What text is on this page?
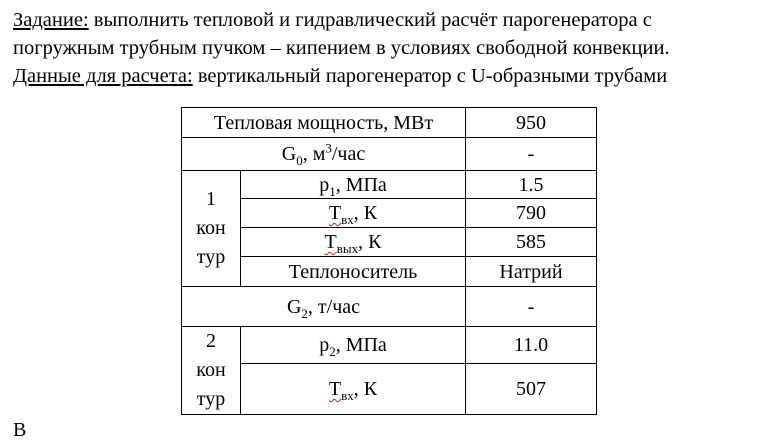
Задание: выполнить тепловой и гидравлический расчёт парогенератора с
погружным трубным пучком – кипением в условиях свободной конвекции.
Данные для расчета: вертикальный парогенератор с U-образными трубами
Тепловая мощность, МВт		950
$G_0$, $м^3$/час		-

1
кон
тур	$p_1$, МПа	1.5
	$T_{вх}$, К	790
	$T_{вых}$, К	585
	Теплоноситель	Натрий
$G_2$, т/час		-

2
кон
тур	$p_2$, МПа	11.0
	$T_{вх}$, К	507
В
